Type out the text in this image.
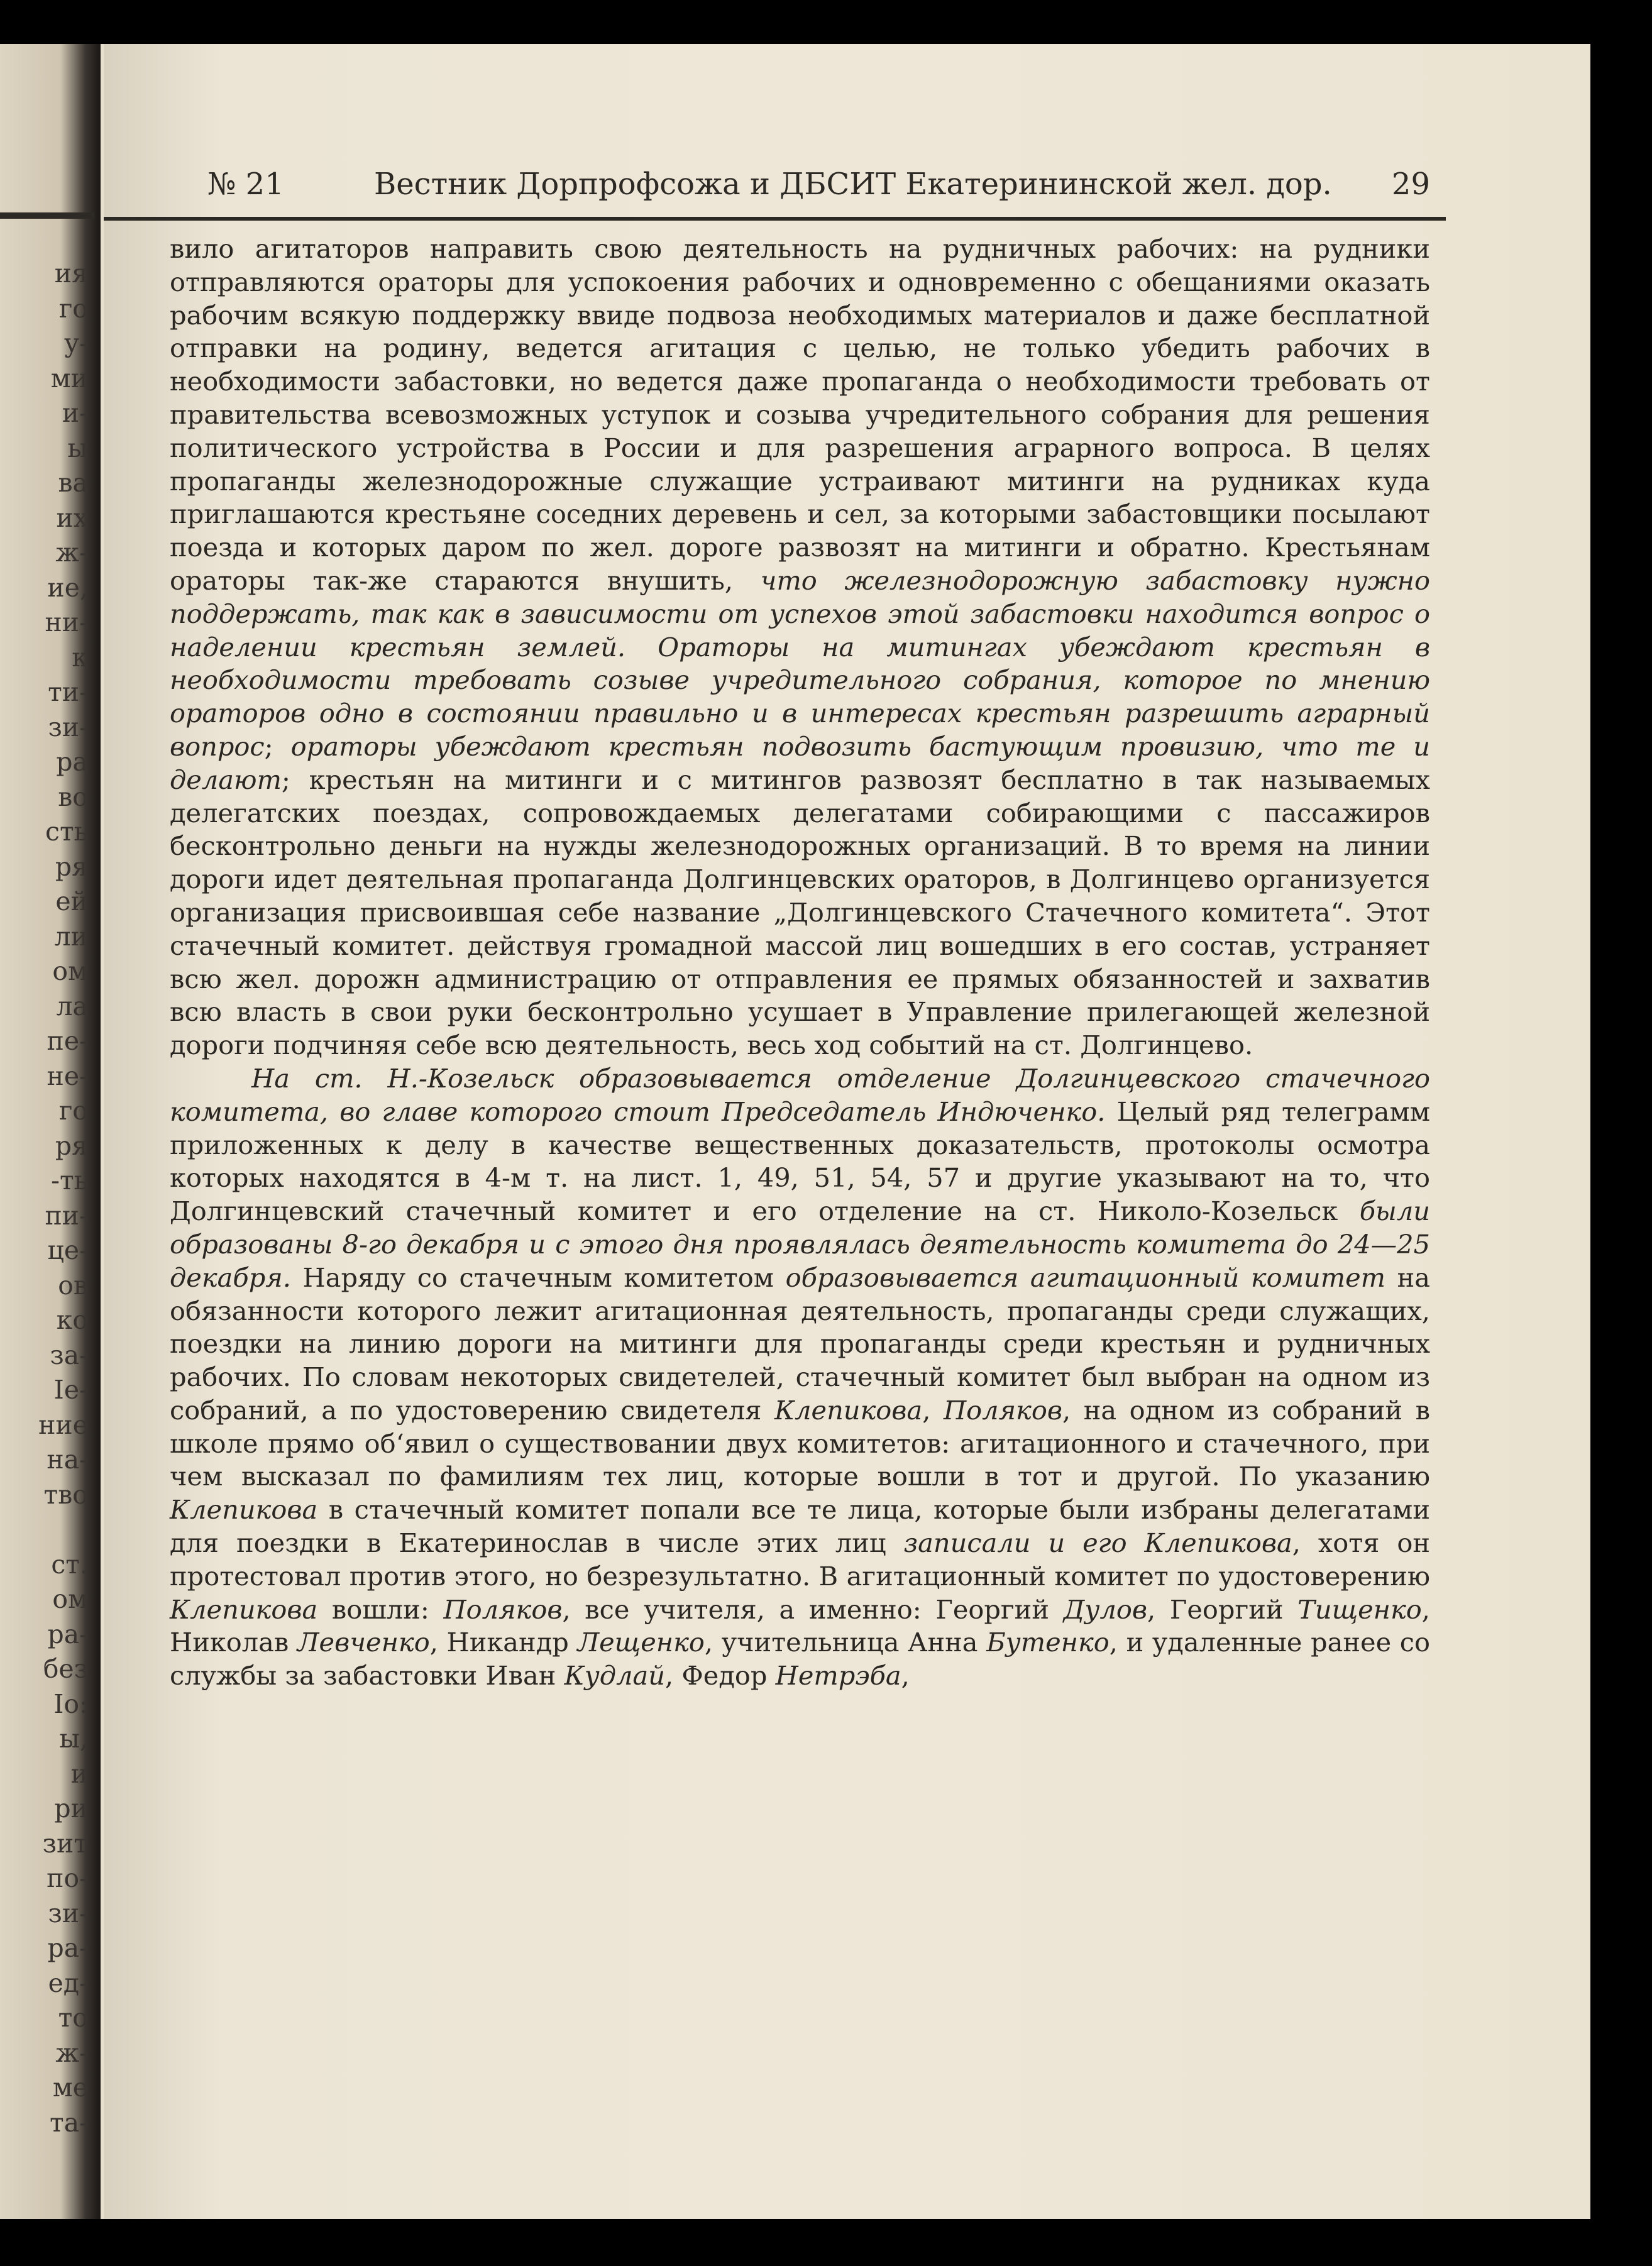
ия
го
у-
ми
и-
ы
ва
их
ж-
ие,
ни-
к
ти-
зи-
ра
во
сть
ря
ей
ли
ом
ла
пе-
не-
го
ря
-ть
пи-
це-
ов
ко
за-
Ie-
ние
на-
тво
ст.
ом
ра-
без
Io:
ы,
и
ри
зит
по-
зи-
ра-
ед-
то
ж-
ме
та-
№ 21	Вестник Дорпрофсожа и ДБСИТ Екатерининской жел. дор. 29

вило агитаторов направить свою деятельность на рудничных рабочих: на рудники отправляются ораторы для успокоения рабочих и одновременно с обещаниями оказать рабочим всякую поддержку ввиде подвоза необходимых материалов и даже бесплатной отправки на родину, ведется агитация с целью, не только убедить рабочих в необходимости забастовки, но ведется даже пропаганда о необходимости требовать от правительства всевозможных уступок и созыва учредительного собрания для решения политического устройства в России и для разрешения аграрного вопроса. В целях пропаганды железнодорожные служащие устраивают митинги на рудниках куда приглашаются крестьяне соседних деревень и сел, за которыми забастовщики посылают поезда и которых даром по жел. дороге развозят на митинги и обратно. Крестьянам ораторы так-же стараются внушить, что железнодорожную забастовку нужно поддержать, так как в зависимости от успехов этой забастовки находится вопрос о наделении крестьян землей. Ораторы на митингах убеждают крестьян в необходимости требовать созыве учредительного собрания, которое по мнению ораторов одно в состоянии правильно и в интересах крестьян разрешить аграрный вопрос; ораторы убеждают крестьян подвозить бастующим провизию, что те и делают; крестьян на митинги и с митингов развозят бесплатно в так называемых делегатских поездах, сопровождаемых делегатами собирающими с пассажиров бесконтрольно деньги на нужды железнодорожных организаций. В то время на линии дороги идет деятельная пропаганда Долгинцевских ораторов, в Долгинцево организуется организация присвоившая себе название „Долгинцевского Стачечного комитета“. Этот стачечный комитет. действуя громадной массой лиц вошедших в его состав, устраняет всю жел. дорожн администрацию от отправления ее прямых обязанностей и захватив всю власть в свои руки бесконтрольно усушает в Управление прилегающей железной дороги подчиняя себе всю деятельность, весь ход событий на ст. Долгинцево.

На ст. Н.-Козельск образовывается отделение Долгинцевского стачечного комитета, во главе которого стоит Председатель Индюченко. Целый ряд телеграмм приложенных к делу в качестве вещественных доказательств, протоколы осмотра которых находятся в 4-м т. на лист. 1, 49, 51, 54, 57 и другие указывают на то, что Долгинцевский стачечный комитет и его отделение на ст. Николо-Козельск были образованы 8-го декабря и с этого дня проявлялась деятельность комитета до 24—25 декабря. Наряду со стачечным комитетом образовывается агитационный комитет на обязанности которого лежит агитационная деятельность, пропаганды среди служащих, поездки на линию дороги на митинги для пропаганды среди крестьян и рудничных рабочих. По словам некоторых свидетелей, стачечный комитет был выбран на одном из собраний, а по удостоверению свидетеля Клепикова, Поляков, на одном из собраний в школе прямо об‘явил о существовании двух комитетов: агитационного и стачечного, при чем высказал по фамилиям тех лиц, которые вошли в тот и другой. По указанию Клепикова в стачечный комитет попали все те лица, которые были избраны делегатами для поездки в Екатеринослав в числе этих лиц записали и его Клепикова, хотя он протестовал против этого, но безрезультатно. В агитационный комитет по удостоверению Клепикова вошли: Поляков, все учителя, а именно: Георгий Дулов, Георгий Тищенко, Николав Левченко, Никандр Лещенко, учительница Анна Бутенко, и удаленные ранее со службы за забастовки Иван Кудлай, Федор Нетрэба,
